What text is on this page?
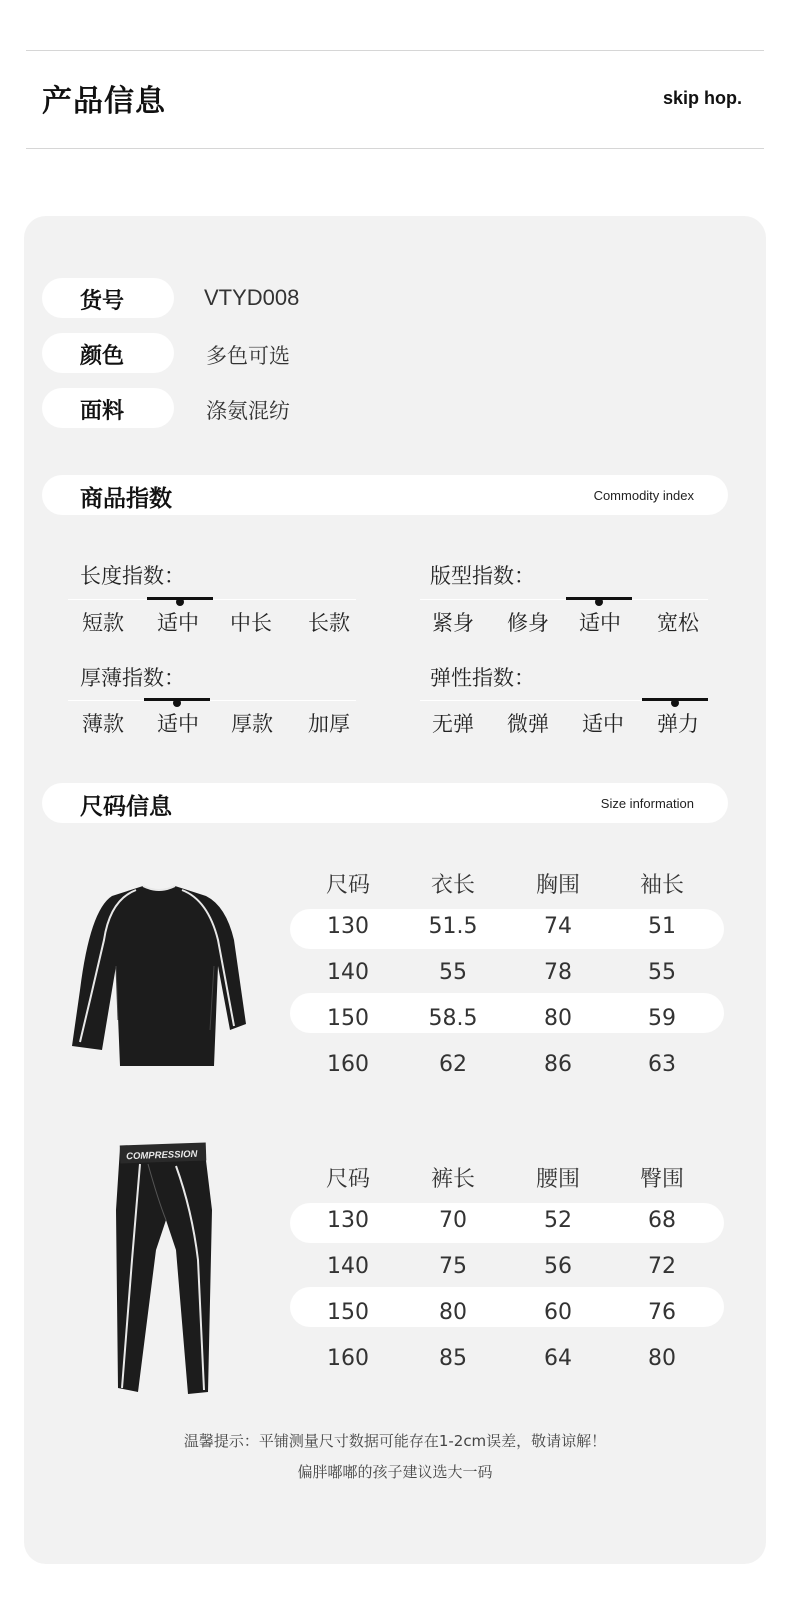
产品信息	skip hop.
货号	VTYD008
颜色	多色可选
面料	涤氨混纺
商品指数	Commodity index
长度指数：
短款	适中	中长	长款
版型指数：
紧身	修身	适中	宽松
厚薄指数：
薄款	适中	厚款	加厚
弹性指数：
无弹	微弹	适中	弹力
尺码信息	Size information
尺码	衣长	胸围	袖长
130	51.5	74	51
140	55	78	55
150	58.5	80	59
160	62	86	63
COMPRESSION
尺码	裤长	腰围	臀围
130	70	52	68
140	75	56	72
150	80	60	76
160	85	64	80
温馨提示：平铺测量尺寸数据可能存在1-2cm误差，敬请谅解！
偏胖嘟嘟的孩子建议选大一码
